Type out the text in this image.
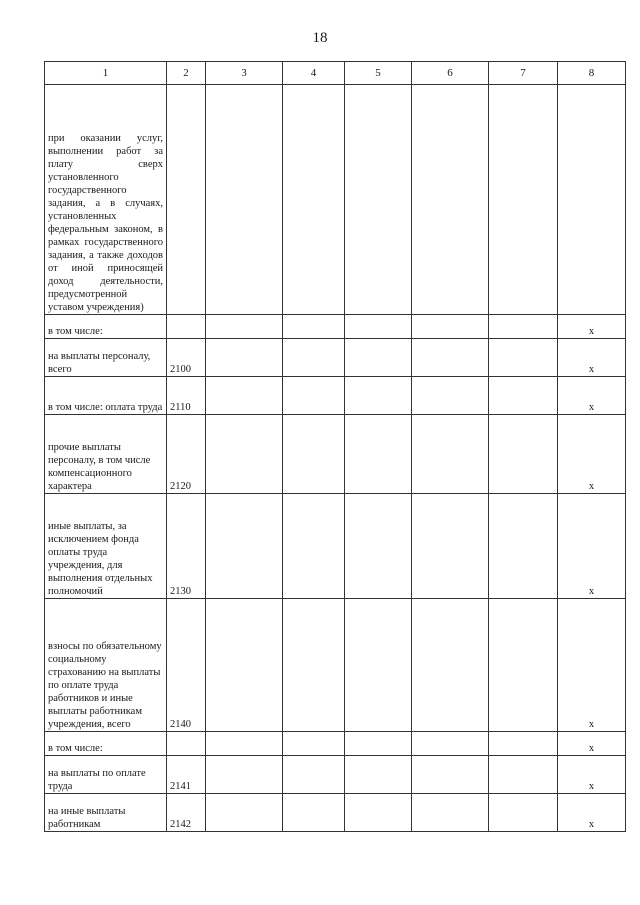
18
1	2	3	4	5	6	7	8
при оказании услуг, выполнении работ за плату сверх установленного государственного задания, а в случаях, установленных федеральным законом, в рамках государственного задания, а также доходов от иной приносящей доход деятельности, предусмотренной уставом учреждения)							
в том числе:							х
на выплаты персоналу, всего	2100						х
в том числе: оплата труда	2110						х
прочие выплаты персоналу, в том числе компенсационного характера	2120						х
иные выплаты, за исключением фонда оплаты труда учреждения, для выполнения отдельных полномочий	2130						х
взносы по обязательному социальному страхованию на выплаты по оплате труда работников и иные выплаты работникам учреждения, всего	2140						х
в том числе:							х
на выплаты по оплате труда	2141						х
на иные выплаты работникам	2142						х
